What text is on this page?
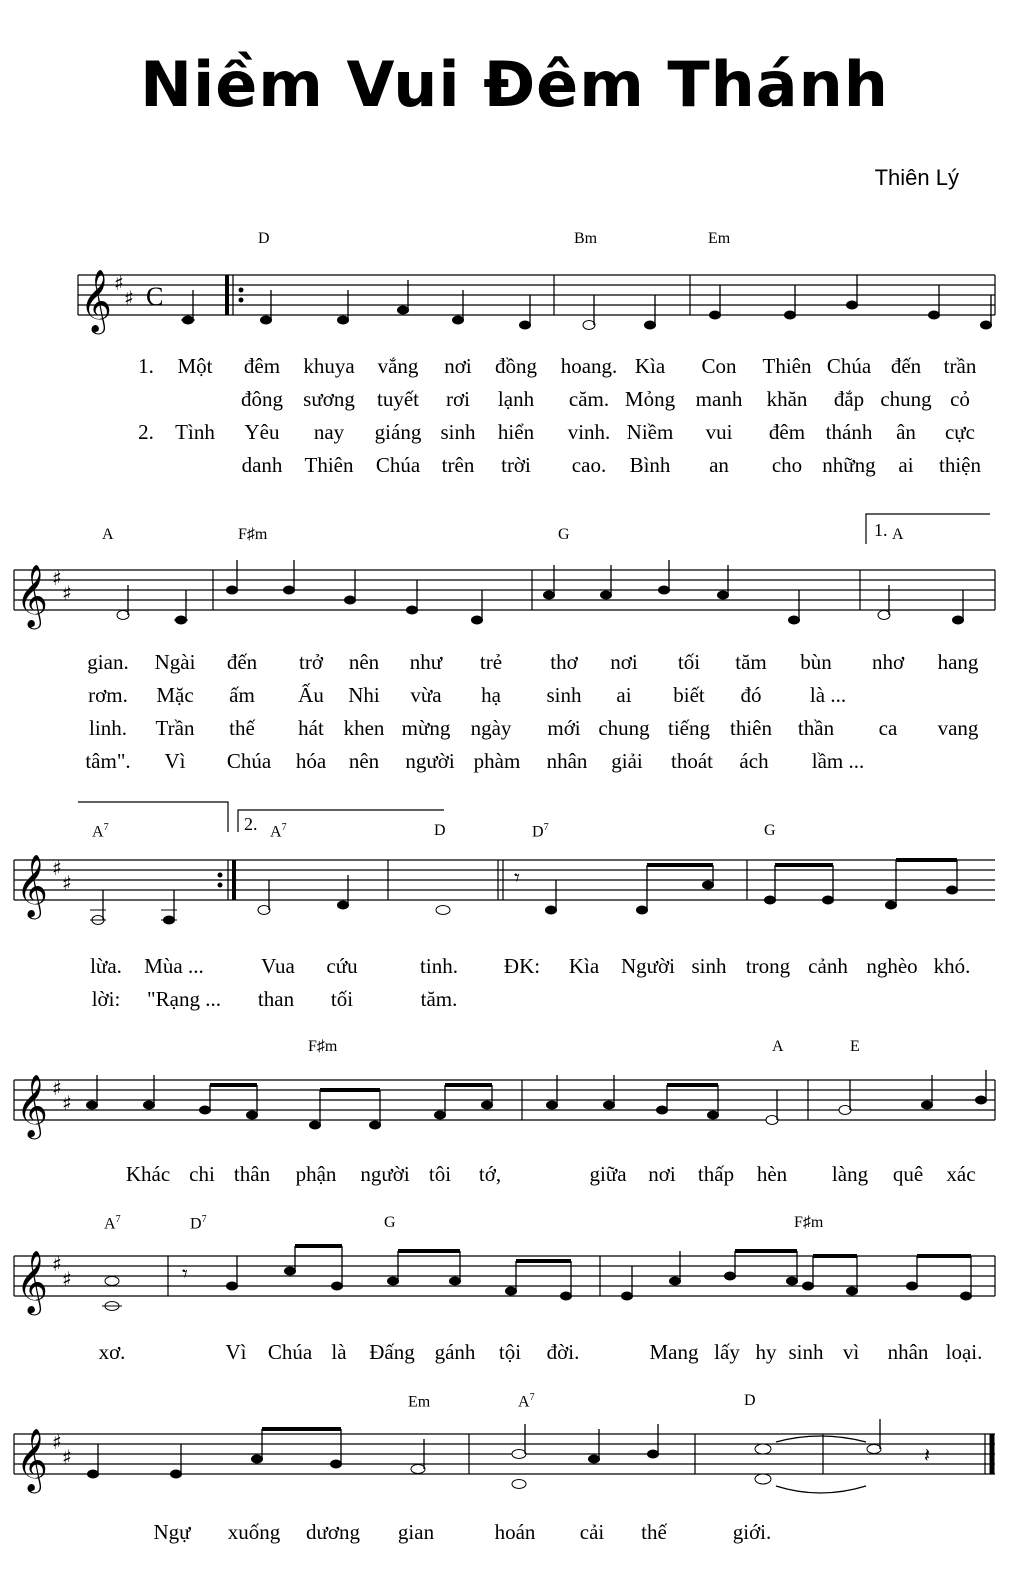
Niềm Vui Đêm Thánh
Thiên Lý
D	Bm	Em
𝄞 ♯
♯ C
1. Một đêm khuya vắng nơi đồng hoang. Kìa Con Thiên Chúa đến trần
đông sương tuyết rơi lạnh căm. Mỏng manh khăn đắp chung cỏ
2. Tình Yêu nay giáng sinh hiển vinh. Niềm vui đêm thánh ân cực
danh Thiên Chúa trên trời cao. Bình an cho những ai thiện
A	F♯m	G	1. A
𝄞 ♯
♯
gian. Ngài đến trở nên như trẻ thơ nơi tối tăm bùn nhơ hang
rơm. Mặc ấm Ấu Nhi vừa hạ sinh ai biết đó là ...
linh. Trần thế hát khen mừng ngày mới chung tiếng thiên thần ca vang
tâm". Vì Chúa hóa nên người phàm nhân giải thoát ách lầm ...
$A^7$	2. $A^7$	D	$D^7$	G
𝄞 ♯
♯	𝄾
lừa. Mùa ...	Vua cứu	tinh. ĐK: Kìa Người sinh trong cảnh nghèo khó.
lời: "Rạng ... than tối	tăm.
F♯m	A	E
𝄞 ♯
♯
Khác chi thân phận người tôi tớ,	giữa nơi thấp hèn làng quê xác
$A^7$	$D^7$	G	F♯m
𝄞 ♯
♯	𝄾
xơ.	Vì Chúa là Đấng gánh tội đời.	Mang lấy hy sinh vì nhân loại.
Em	$A^7$	D
𝄞 ♯
♯	𝄽
Ngự xuống dương gian	hoán cải thế	giới.
